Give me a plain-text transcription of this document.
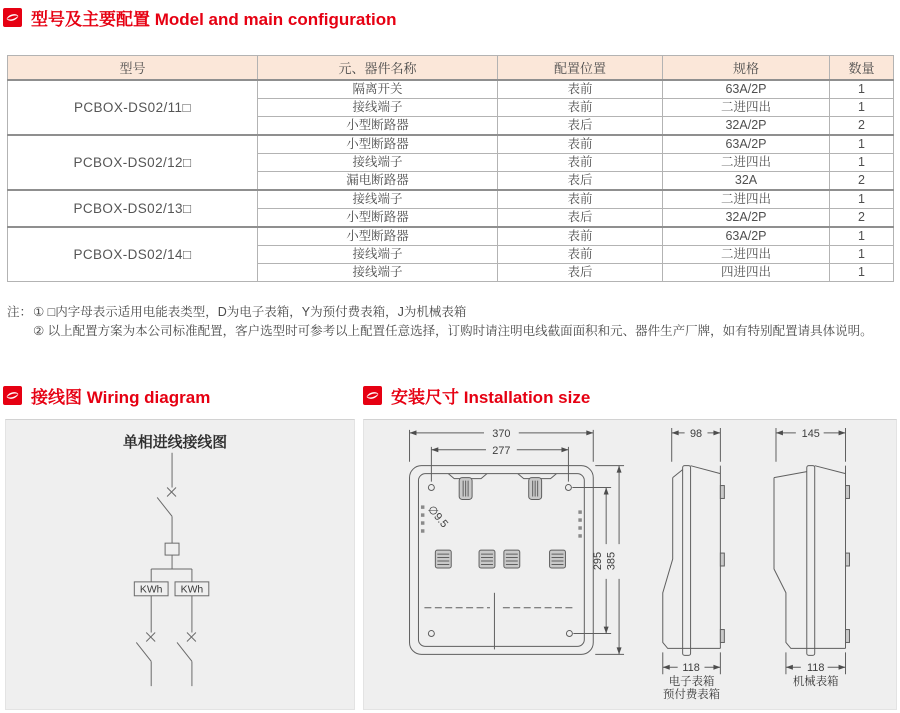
型号及主要配置 Model and main configuration
型号	元、器件名称	配置位置	规格	数量
PCBOX-DS02/11□	隔离开关	表前	63A/2P	1
	接线端子	表前	二进四出	1
	小型断路器	表后	32A/2P	2
PCBOX-DS02/12□	小型断路器	表前	63A/2P	1
	接线端子	表前	二进四出	1
	漏电断路器	表后	32A	2
PCBOX-DS02/13□	接线端子	表前	二进四出	1
	小型断路器	表后	32A/2P	2
PCBOX-DS02/14□	小型断路器	表前	63A/2P	1
	接线端子	表前	二进四出	1
	接线端子	表后	四进四出	1
注： ① □内字母表示适用电能表类型，D为电子表箱，Y为预付费表箱，J为机械表箱
② 以上配置方案为本公司标准配置，客户选型时可参考以上配置任意选择，订购时请注明电线截面面积和元、器件生产厂牌，如有特别配置请具体说明。
接线图 Wiring diagram	安装尺寸 Installation size
单相进线接线图
KWh KWh
∅9.5
370
277
295 385
98
118
电子表箱
预付费表箱
145
118
机械表箱
